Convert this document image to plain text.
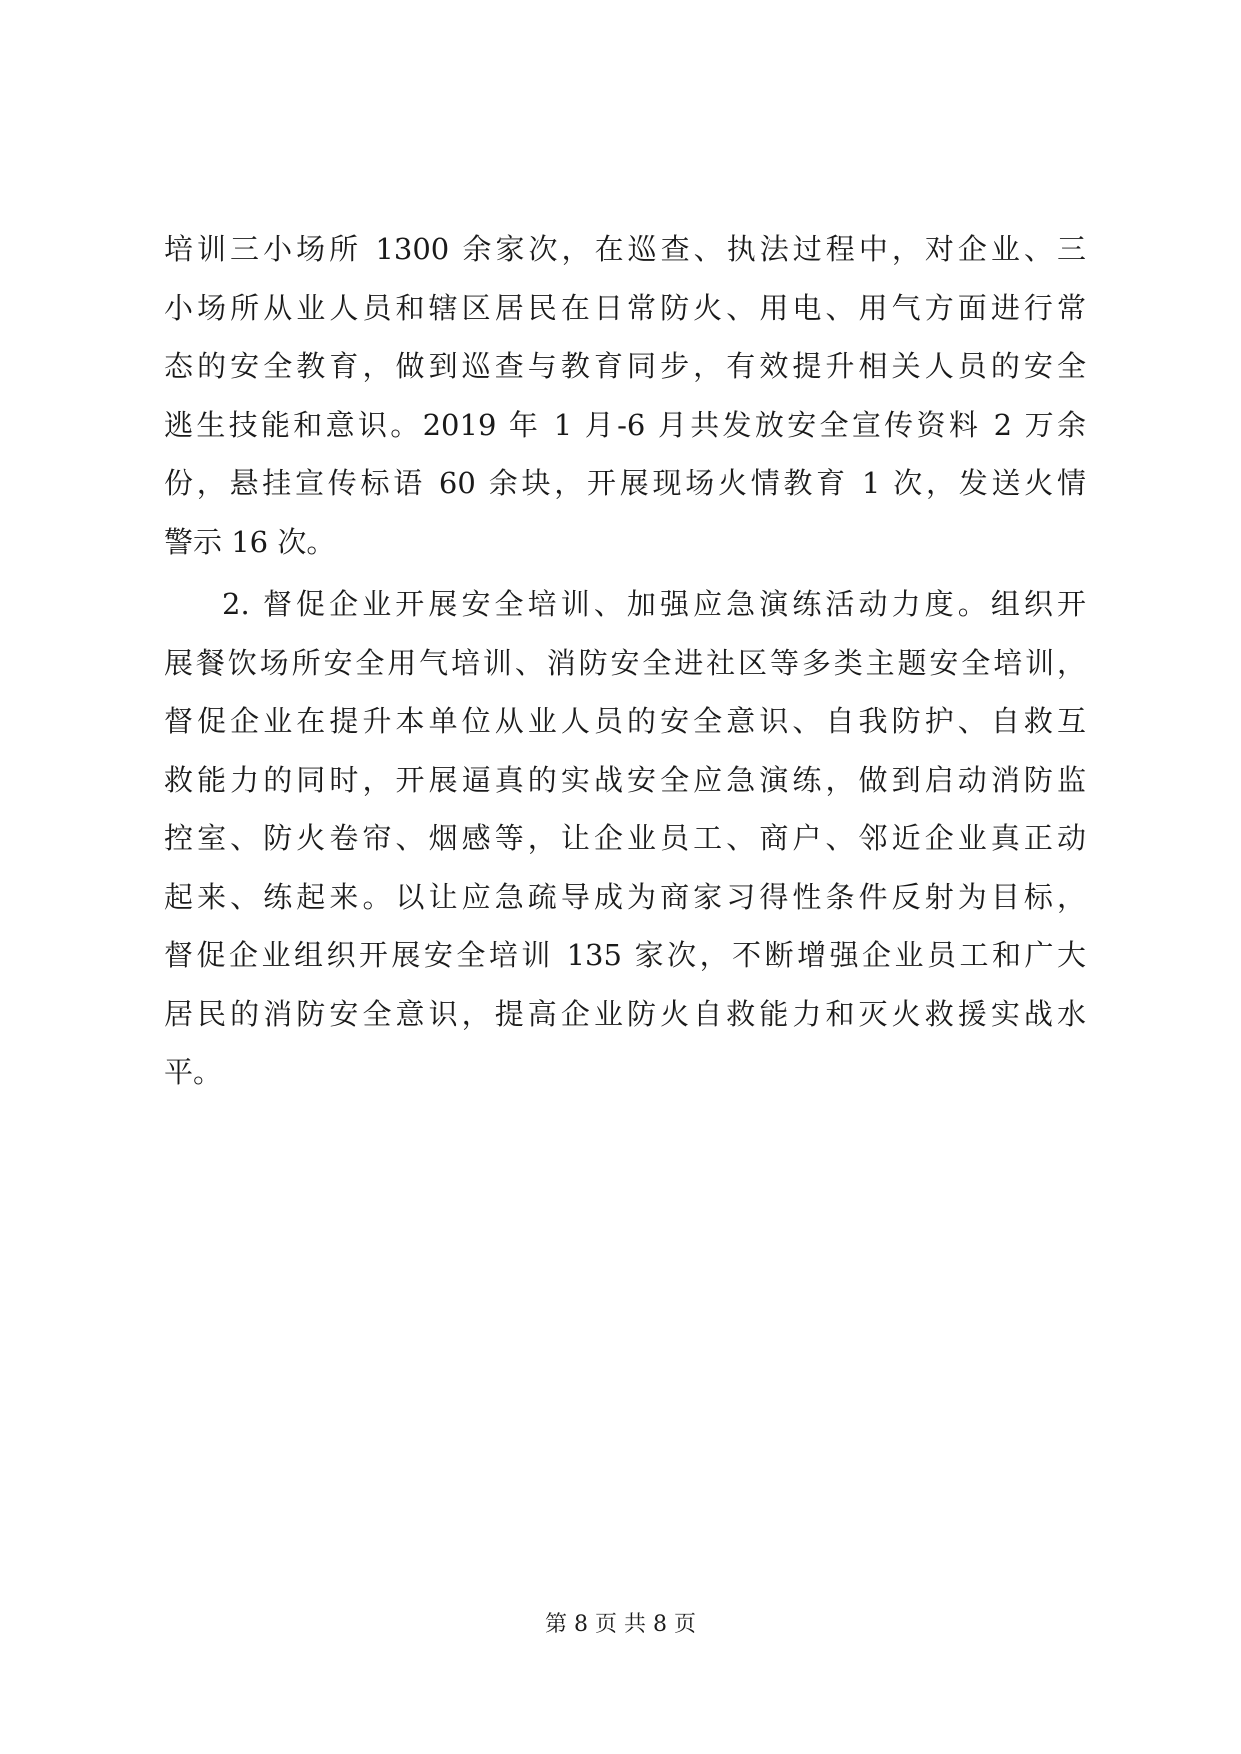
培训三小场所 1300 余家次，在巡查、执法过程中，对企业、三
小场所从业人员和辖区居民在日常防火、用电、用气方面进行常
态的安全教育，做到巡查与教育同步，有效提升相关人员的安全
逃生技能和意识。2019 年 1 月-6 月共发放安全宣传资料 2 万余
份，悬挂宣传标语 60 余块，开展现场火情教育 1 次，发送火情
警示 16 次。
2. 督促企业开展安全培训、加强应急演练活动力度。组织开
展餐饮场所安全用气培训、消防安全进社区等多类主题安全培训，
督促企业在提升本单位从业人员的安全意识、自我防护、自救互
救能力的同时，开展逼真的实战安全应急演练，做到启动消防监
控室、防火卷帘、烟感等，让企业员工、商户、邻近企业真正动
起来、练起来。以让应急疏导成为商家习得性条件反射为目标，
督促企业组织开展安全培训 135 家次，不断增强企业员工和广大
居民的消防安全意识，提高企业防火自救能力和灭火救援实战水
平。
第 8 页 共 8 页
